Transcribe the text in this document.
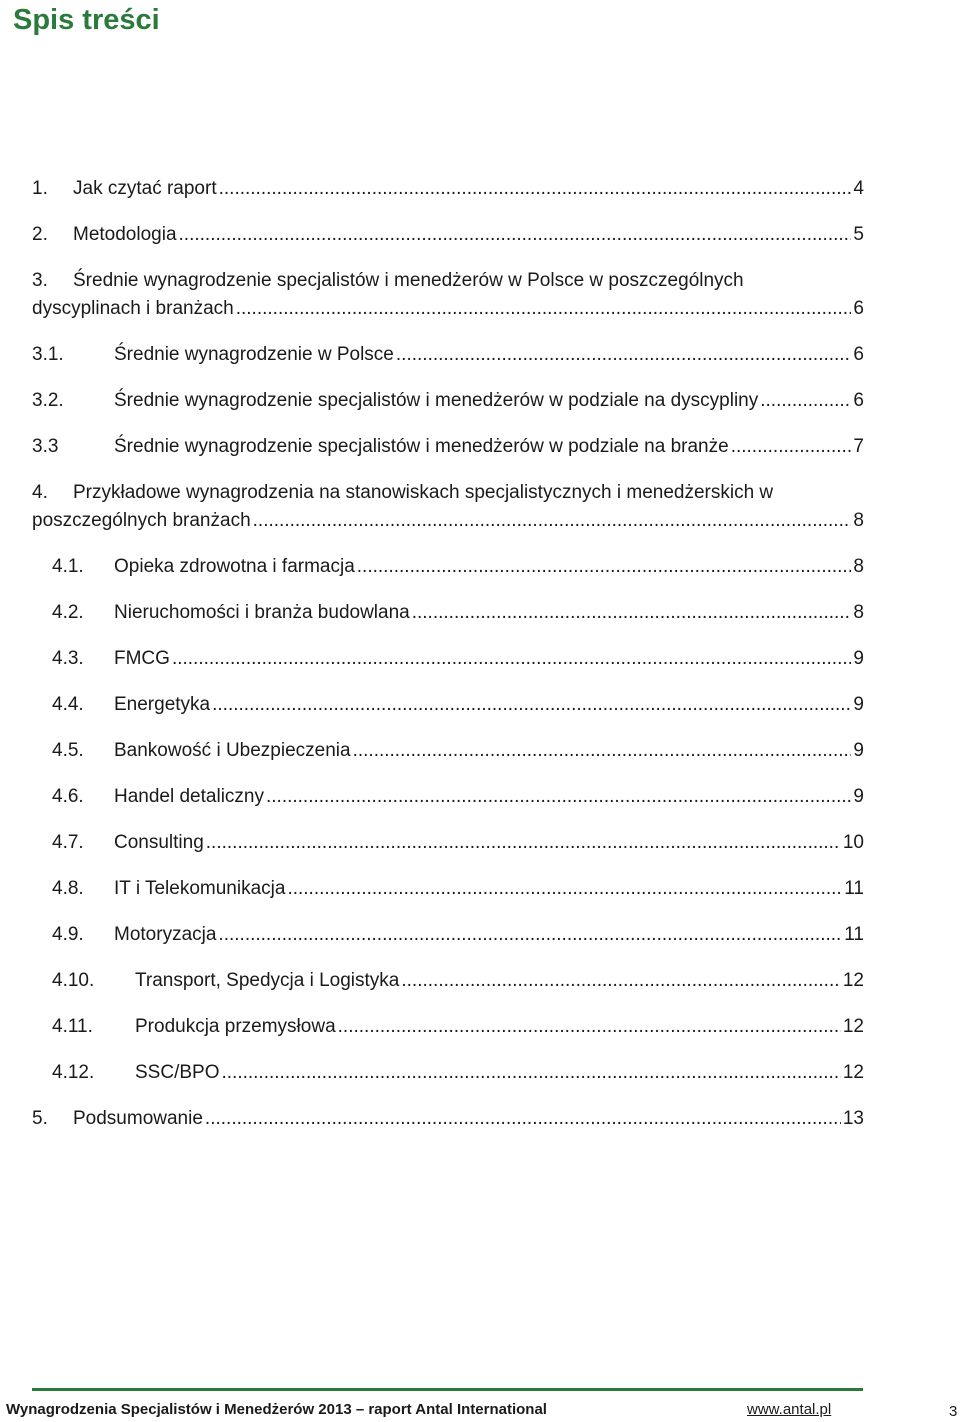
Spis treści
1.	Jak czytać raport .....	4
2.	Metodologia .....	5
3. Średnie wynagrodzenie specjalistów i menedżerów w Polsce w poszczególnych
dyscyplinach i branżach .....	6
3.1.	Średnie wynagrodzenie w Polsce .....	6
3.2.	Średnie wynagrodzenie specjalistów i menedżerów w podziale na dyscypliny .....	6
3.3	Średnie wynagrodzenie specjalistów i menedżerów w podziale na branże .....	7
4. Przykładowe wynagrodzenia na stanowiskach specjalistycznych i menedżerskich w
poszczególnych branżach .....	8
4.1.	Opieka zdrowotna i farmacja .....	8
4.2.	Nieruchomości i branża budowlana .....	8
4.3.	FMCG .....	9
4.4.	Energetyka .....	9
4.5.	Bankowość i Ubezpieczenia .....	9
4.6.	Handel detaliczny .....	9
4.7.	Consulting .....	10
4.8.	IT i Telekomunikacja .....	11
4.9.	Motoryzacja .....	11
4.10.	Transport, Spedycja i Logistyka .....	12
4.11.	Produkcja przemysłowa .....	12
4.12.	SSC/BPO .....	12
5.	Podsumowanie .....	13
Wynagrodzenia Specjalistów i Menedżerów 2013 – raport Antal International	www.antal.pl	3
